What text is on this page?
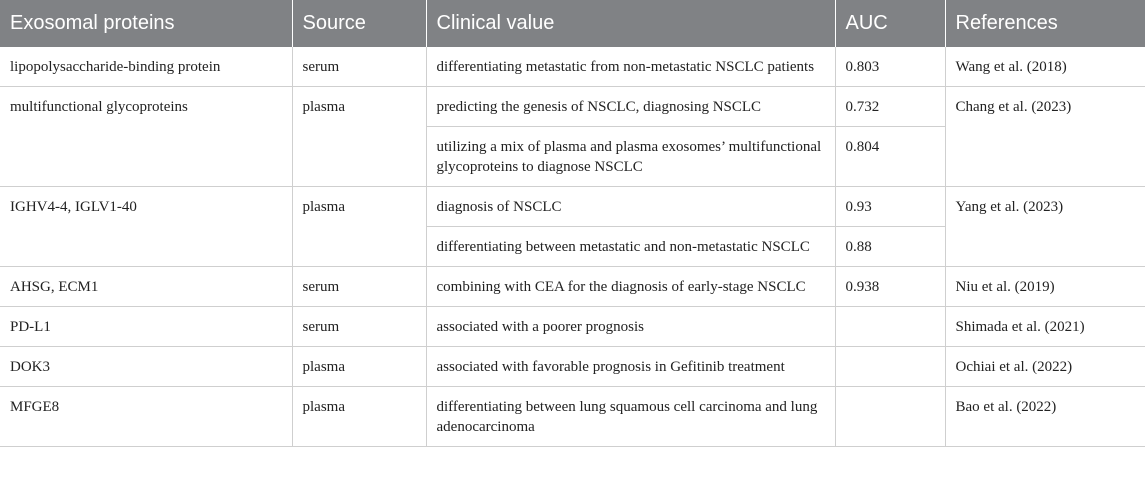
Exosomal proteins	Source	Clinical value	AUC	References
lipopolysaccharide-binding protein	serum	differentiating metastatic from non-metastatic NSCLC patients	0.803	Wang et al. (2018)
multifunctional glycoproteins	plasma	predicting the genesis of NSCLC, diagnosing NSCLC	0.732	Chang et al. (2023)
		utilizing a mix of plasma and plasma exosomes’ multifunctional glycoproteins to diagnose NSCLC	0.804	
IGHV4-4, IGLV1-40	plasma	diagnosis of NSCLC	0.93	Yang et al. (2023)
		differentiating between metastatic and non-metastatic NSCLC	0.88	
AHSG, ECM1	serum	combining with CEA for the diagnosis of early-stage NSCLC	0.938	Niu et al. (2019)
PD-L1	serum	associated with a poorer prognosis		Shimada et al. (2021)
DOK3	plasma	associated with favorable prognosis in Gefitinib treatment		Ochiai et al. (2022)
MFGE8	plasma	differentiating between lung squamous cell carcinoma and lung adenocarcinoma		Bao et al. (2022)
